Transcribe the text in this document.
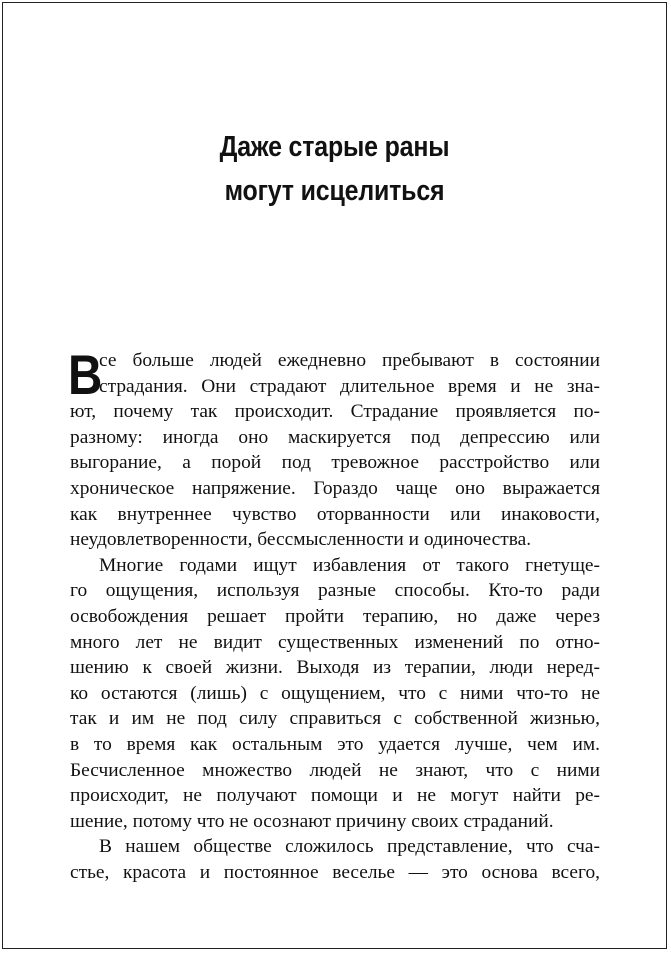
Даже старые раны
могут исцелиться
В
се больше людей ежедневно пребывают в состоянии
страдания. Они страдают длительное время и не зна-
ют, почему так происходит. Страдание проявляется по-
разному: иногда оно маскируется под депрессию или
выгорание, а порой под тревожное расстройство или
хроническое напряжение. Гораздо чаще оно выражается
как внутреннее чувство оторванности или инаковости,
неудовлетворенности, бессмысленности и одиночества.
Многие годами ищут избавления от такого гнетуще-
го ощущения, используя разные способы. Кто-то ради
освобождения решает пройти терапию, но даже через
много лет не видит существенных изменений по отно-
шению к своей жизни. Выходя из терапии, люди неред-
ко остаются (лишь) с ощущением, что с ними что-то не
так и им не под силу справиться с собственной жизнью,
в то время как остальным это удается лучше, чем им.
Бесчисленное множество людей не знают, что с ними
происходит, не получают помощи и не могут найти ре-
шение, потому что не осознают причину своих страданий.
В нашем обществе сложилось представление, что сча-
стье, красота и постоянное веселье — это основа всего,
